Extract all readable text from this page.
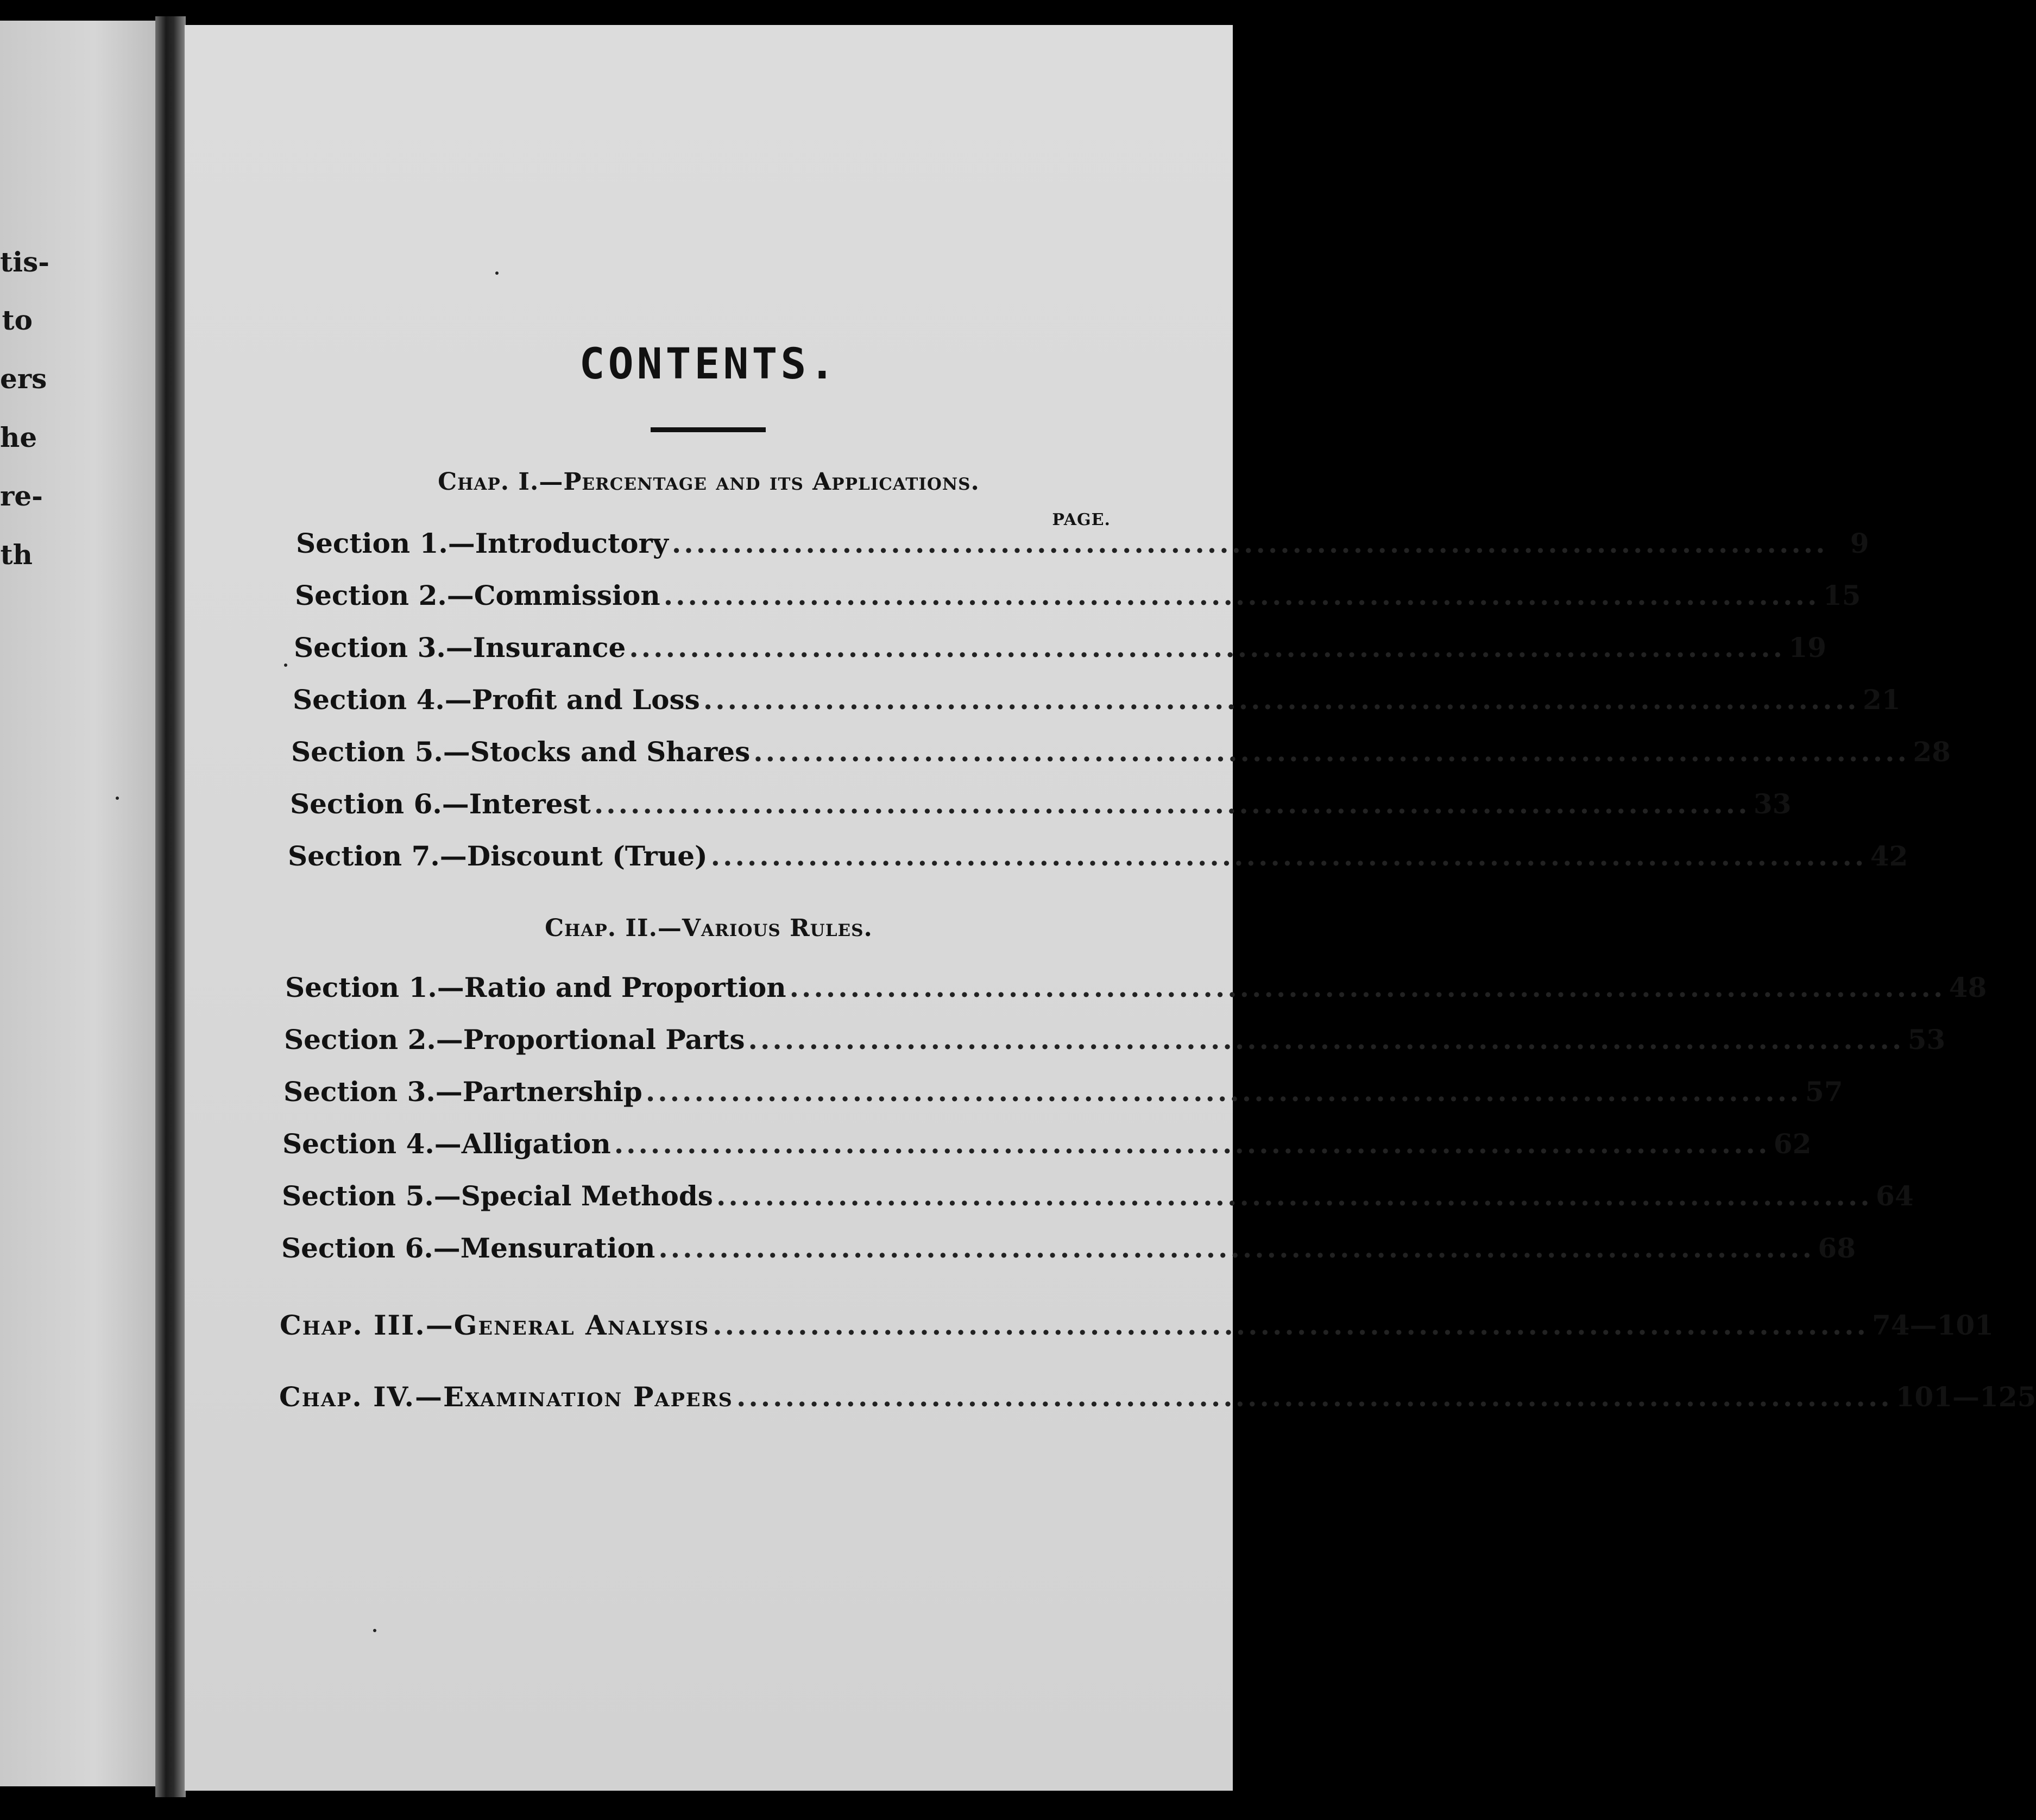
tis-
to
ers
he
re-
th
CONTENTS.
Chap. I.—Percentage and its Applications.
PAGE.
Section 1.—Introductory ............................................................................................... 9
Section 2.—Commission ............................................................................................... 15
Section 3.—Insurance ............................................................................................... 19
Section 4.—Profit and Loss ............................................................................................... 21
Section 5.—Stocks and Shares ............................................................................................... 28
Section 6.—Interest ............................................................................................... 33
Section 7.—Discount (True) ............................................................................................... 42
Chap. II.—Various Rules.
Section 1.—Ratio and Proportion ............................................................................................... 48
Section 2.—Proportional Parts ............................................................................................... 53
Section 3.—Partnership ............................................................................................... 57
Section 4.—Alligation ............................................................................................... 62
Section 5.—Special Methods ............................................................................................... 64
Section 6.—Mensuration ............................................................................................... 68
Chap. III.—General Analysis ............................................................................................... 74—101
Chap. IV.—Examination Papers ............................................................................................... 101—125
